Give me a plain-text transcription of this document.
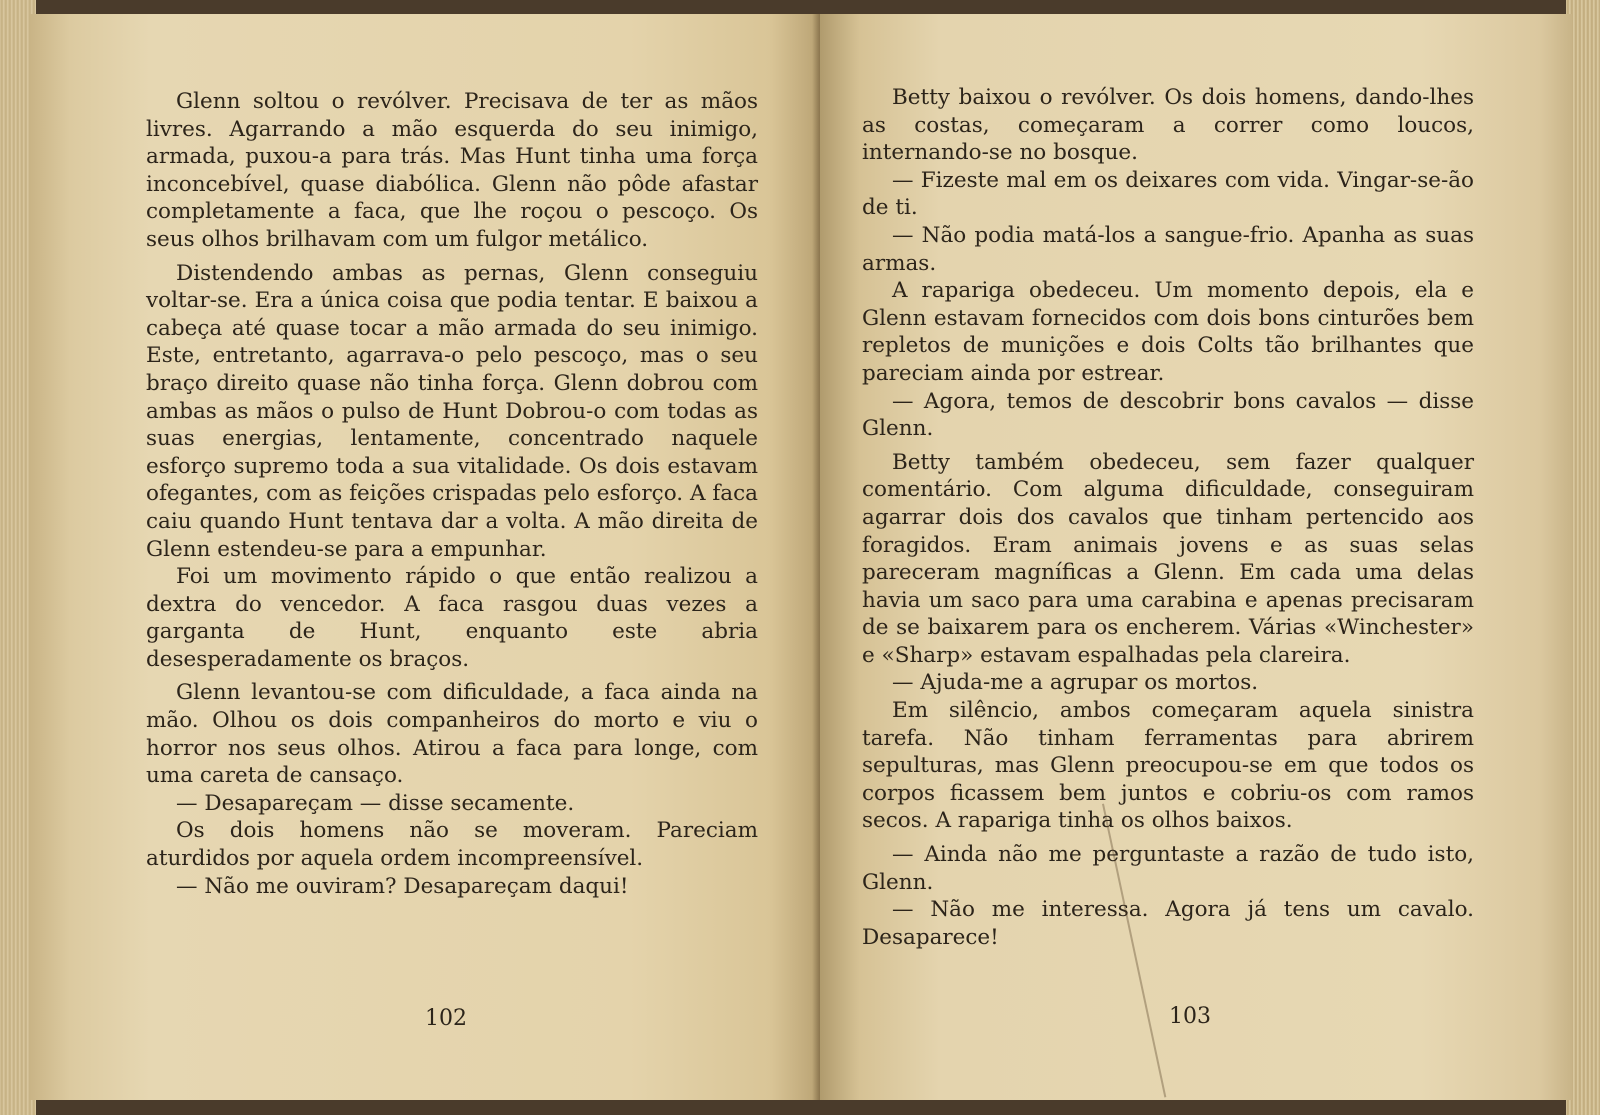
Glenn soltou o revólver. Precisava de ter as mãos livres. Agarrando a mão esquerda do seu inimigo, armada, puxou-a para trás. Mas Hunt tinha uma força inconcebível, quase diabólica. Glenn não pôde afastar completamente a faca, que lhe roçou o pescoço. Os seus olhos brilhavam com um fulgor metálico.

Distendendo ambas as pernas, Glenn conseguiu voltar-se. Era a única coisa que podia tentar. E baixou a cabeça até quase tocar a mão armada do seu inimigo. Este, entretanto, agarrava-o pelo pescoço, mas o seu braço direito quase não tinha força. Glenn dobrou com ambas as mãos o pulso de Hunt Dobrou-o com todas as suas energias, lentamente, concentrado naquele esforço supremo toda a sua vitalidade. Os dois estavam ofegantes, com as feições crispadas pelo esforço. A faca caiu quando Hunt tentava dar a volta. A mão direita de Glenn estendeu-se para a empunhar.

Foi um movimento rápido o que então realizou a dextra do vencedor. A faca rasgou duas vezes a garganta de Hunt, enquanto este abria desesperadamente os braços.

Glenn levantou-se com dificuldade, a faca ainda na mão. Olhou os dois companheiros do morto e viu o horror nos seus olhos. Atirou a faca para longe, com uma careta de cansaço.

— Desapareçam — disse secamente.

Os dois homens não se moveram. Pareciam aturdidos por aquela ordem incompreensível.

— Não me ouviram? Desapareçam daqui!

102

Betty baixou o revólver. Os dois homens, dando-lhes as costas, começaram a correr como loucos, internando-se no bosque.

— Fizeste mal em os deixares com vida. Vingar-se-ão de ti.

— Não podia matá-los a sangue-frio. Apanha as suas armas.

A rapariga obedeceu. Um momento depois, ela e Glenn estavam fornecidos com dois bons cinturões bem repletos de munições e dois Colts tão brilhantes que pareciam ainda por estrear.

— Agora, temos de descobrir bons cavalos — disse Glenn.

Betty também obedeceu, sem fazer qualquer comentário. Com alguma dificuldade, conseguiram agarrar dois dos cavalos que tinham pertencido aos foragidos. Eram animais jovens e as suas selas pareceram magníficas a Glenn. Em cada uma delas havia um saco para uma carabina e apenas precisaram de se baixarem para os encherem. Várias «Winchester» e «Sharp» estavam espalhadas pela clareira.

— Ajuda-me a agrupar os mortos.

Em silêncio, ambos começaram aquela sinistra tarefa. Não tinham ferramentas para abrirem sepulturas, mas Glenn preocupou-se em que todos os corpos ficassem bem juntos e cobriu-os com ramos secos. A rapariga tinha os olhos baixos.

— Ainda não me perguntaste a razão de tudo isto, Glenn.

— Não me interessa. Agora já tens um cavalo. Desaparece!

103
